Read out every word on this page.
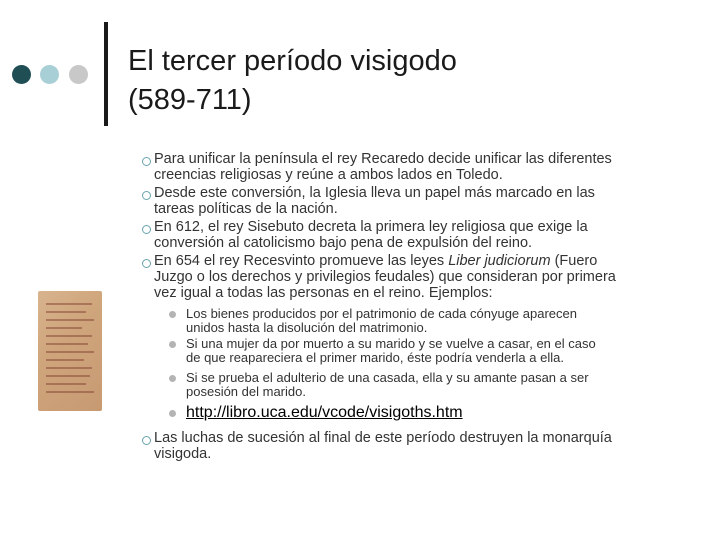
El tercer período visigodo
(589-711)
Para unificar la península el rey Recaredo decide unificar las diferentes
creencias religiosas y reúne a ambos lados en Toledo.
Desde este conversión, la Iglesia lleva un papel más marcado en las
tareas políticas de la nación.
En 612, el rey Sisebuto decreta la primera ley religiosa que exige la
conversión al catolicismo bajo pena de expulsión del reino.
En 654 el rey Recesvinto promueve las leyes Liber judiciorum (Fuero
Juzgo o los derechos y privilegios feudales) que consideran por primera
vez igual a todas las personas en el reino. Ejemplos:
Los bienes producidos por el patrimonio de cada cónyuge aparecen
unidos hasta la disolución del matrimonio.
Si una mujer da por muerto a su marido y se vuelve a casar, en el caso
de que reapareciera el primer marido, éste podría venderla a ella.
Si se prueba el adulterio de una casada, ella y su amante pasan a ser
posesión del marido.
http://libro.uca.edu/vcode/visigoths.htm
Las luchas de sucesión al final de este período destruyen la monarquía
visigoda.
